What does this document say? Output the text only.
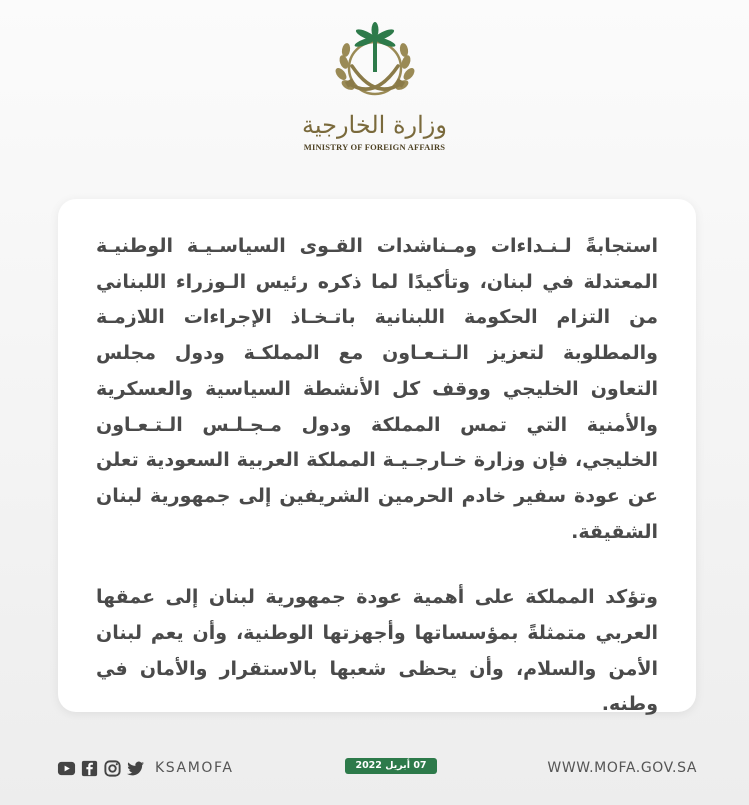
وزارة الخارجية
MINISTRY OF FOREIGN AFFAIRS

استجابةً لـنـداءات ومـناشدات القـوى السياسـيـة الوطنيـة المعتدلة في لبنان، وتأكيدًا لما ذكره رئيس الـوزراء اللبناني من التزام الحكومة اللبنانية باتـخـاذ الإجراءات اللازمـة والمطلوبة لتعزيز الـتـعـاون مع المملكـة ودول مجلس التعاون الخليجي ووقف كل الأنشطة السياسية والعسكرية والأمنية التي تمس المملكة ودول مـجـلـس الـتـعـاون الخليجي، فإن وزارة خـارجـيـة المملكة العربية السعودية تعلن عن عودة سفير خادم الحرمين الشريفين إلى جمهورية لبنان الشقيقة.

وتؤكد المملكة على أهمية عودة جمهورية لبنان إلى عمقها العربي متمثلةً بمؤسساتها وأجهزتها الوطنية، وأن يعم لبنان الأمن والسلام، وأن يحظى شعبها بالاستقرار والأمان في وطنه.

KSAMOFA	07 أبريل 2022	WWW.MOFA.GOV.SA
